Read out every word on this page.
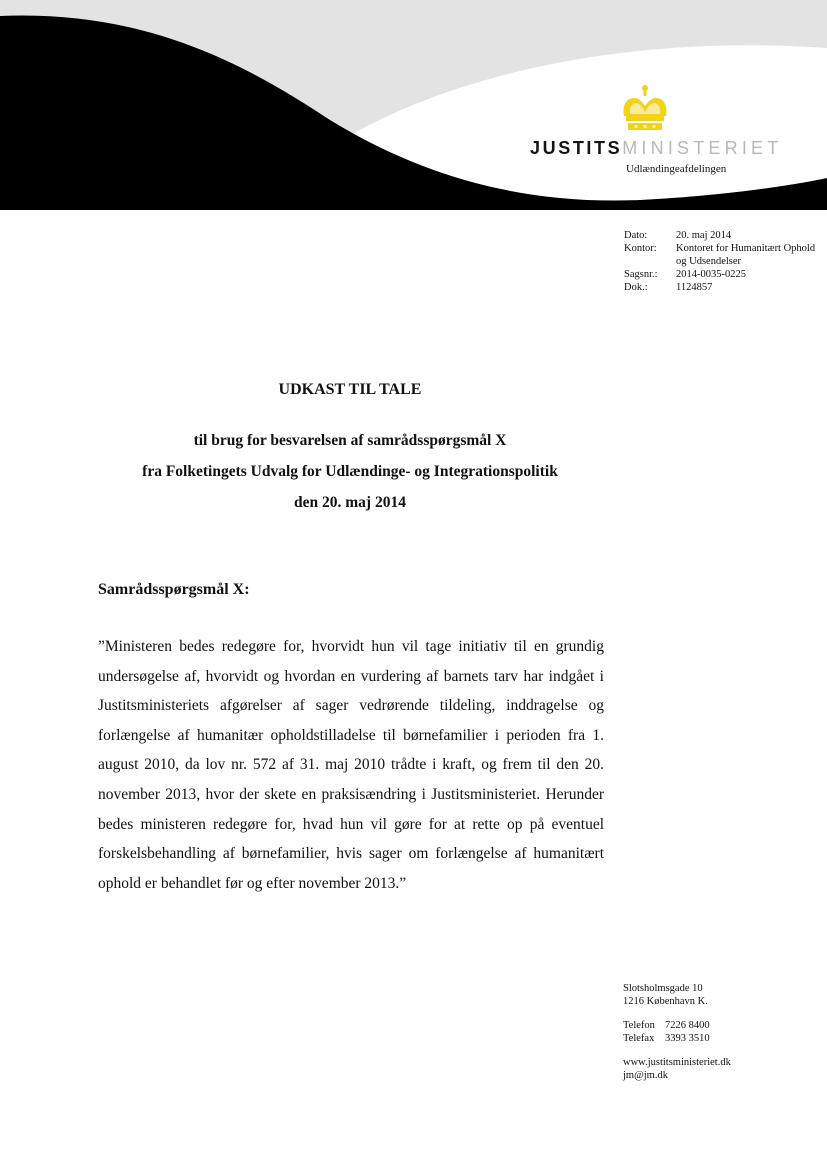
JUSTITSMINISTERIET
Udlændingeafdelingen
Dato:	20. maj 2014
Kontor:	Kontoret for Humanitært Ophold og Udsendelser
Sagsnr.:	2014-0035-0225
Dok.:	1124857
UDKAST TIL TALE
til brug for besvarelsen af samrådsspørgsmål X
fra Folketingets Udvalg for Udlændinge- og Integrationspolitik
den 20. maj 2014
Samrådsspørgsmål X:

”Ministeren bedes redegøre for, hvorvidt hun vil tage initiativ til en grundig undersøgelse af, hvorvidt og hvordan en vurdering af barnets tarv har indgået i Justitsministeriets afgørelser af sager vedrørende tildeling, inddragelse og forlængelse af humanitær opholdstilladelse til børnefamilier i perioden fra 1. august 2010, da lov nr. 572 af 31. maj 2010 trådte i kraft, og frem til den 20. november 2013, hvor der skete en praksisændring i Justitsministeriet. Herunder bedes ministeren redegøre for, hvad hun vil gøre for at rette op på eventuel forskelsbehandling af børnefamilier, hvis sager om forlængelse af humanitært ophold er behandlet før og efter november 2013.”

Slotsholmsgade 10
1216 København K.
Telefon 7226 8400
Telefax 3393 3510
www.justitsministeriet.dk
jm@jm.dk
